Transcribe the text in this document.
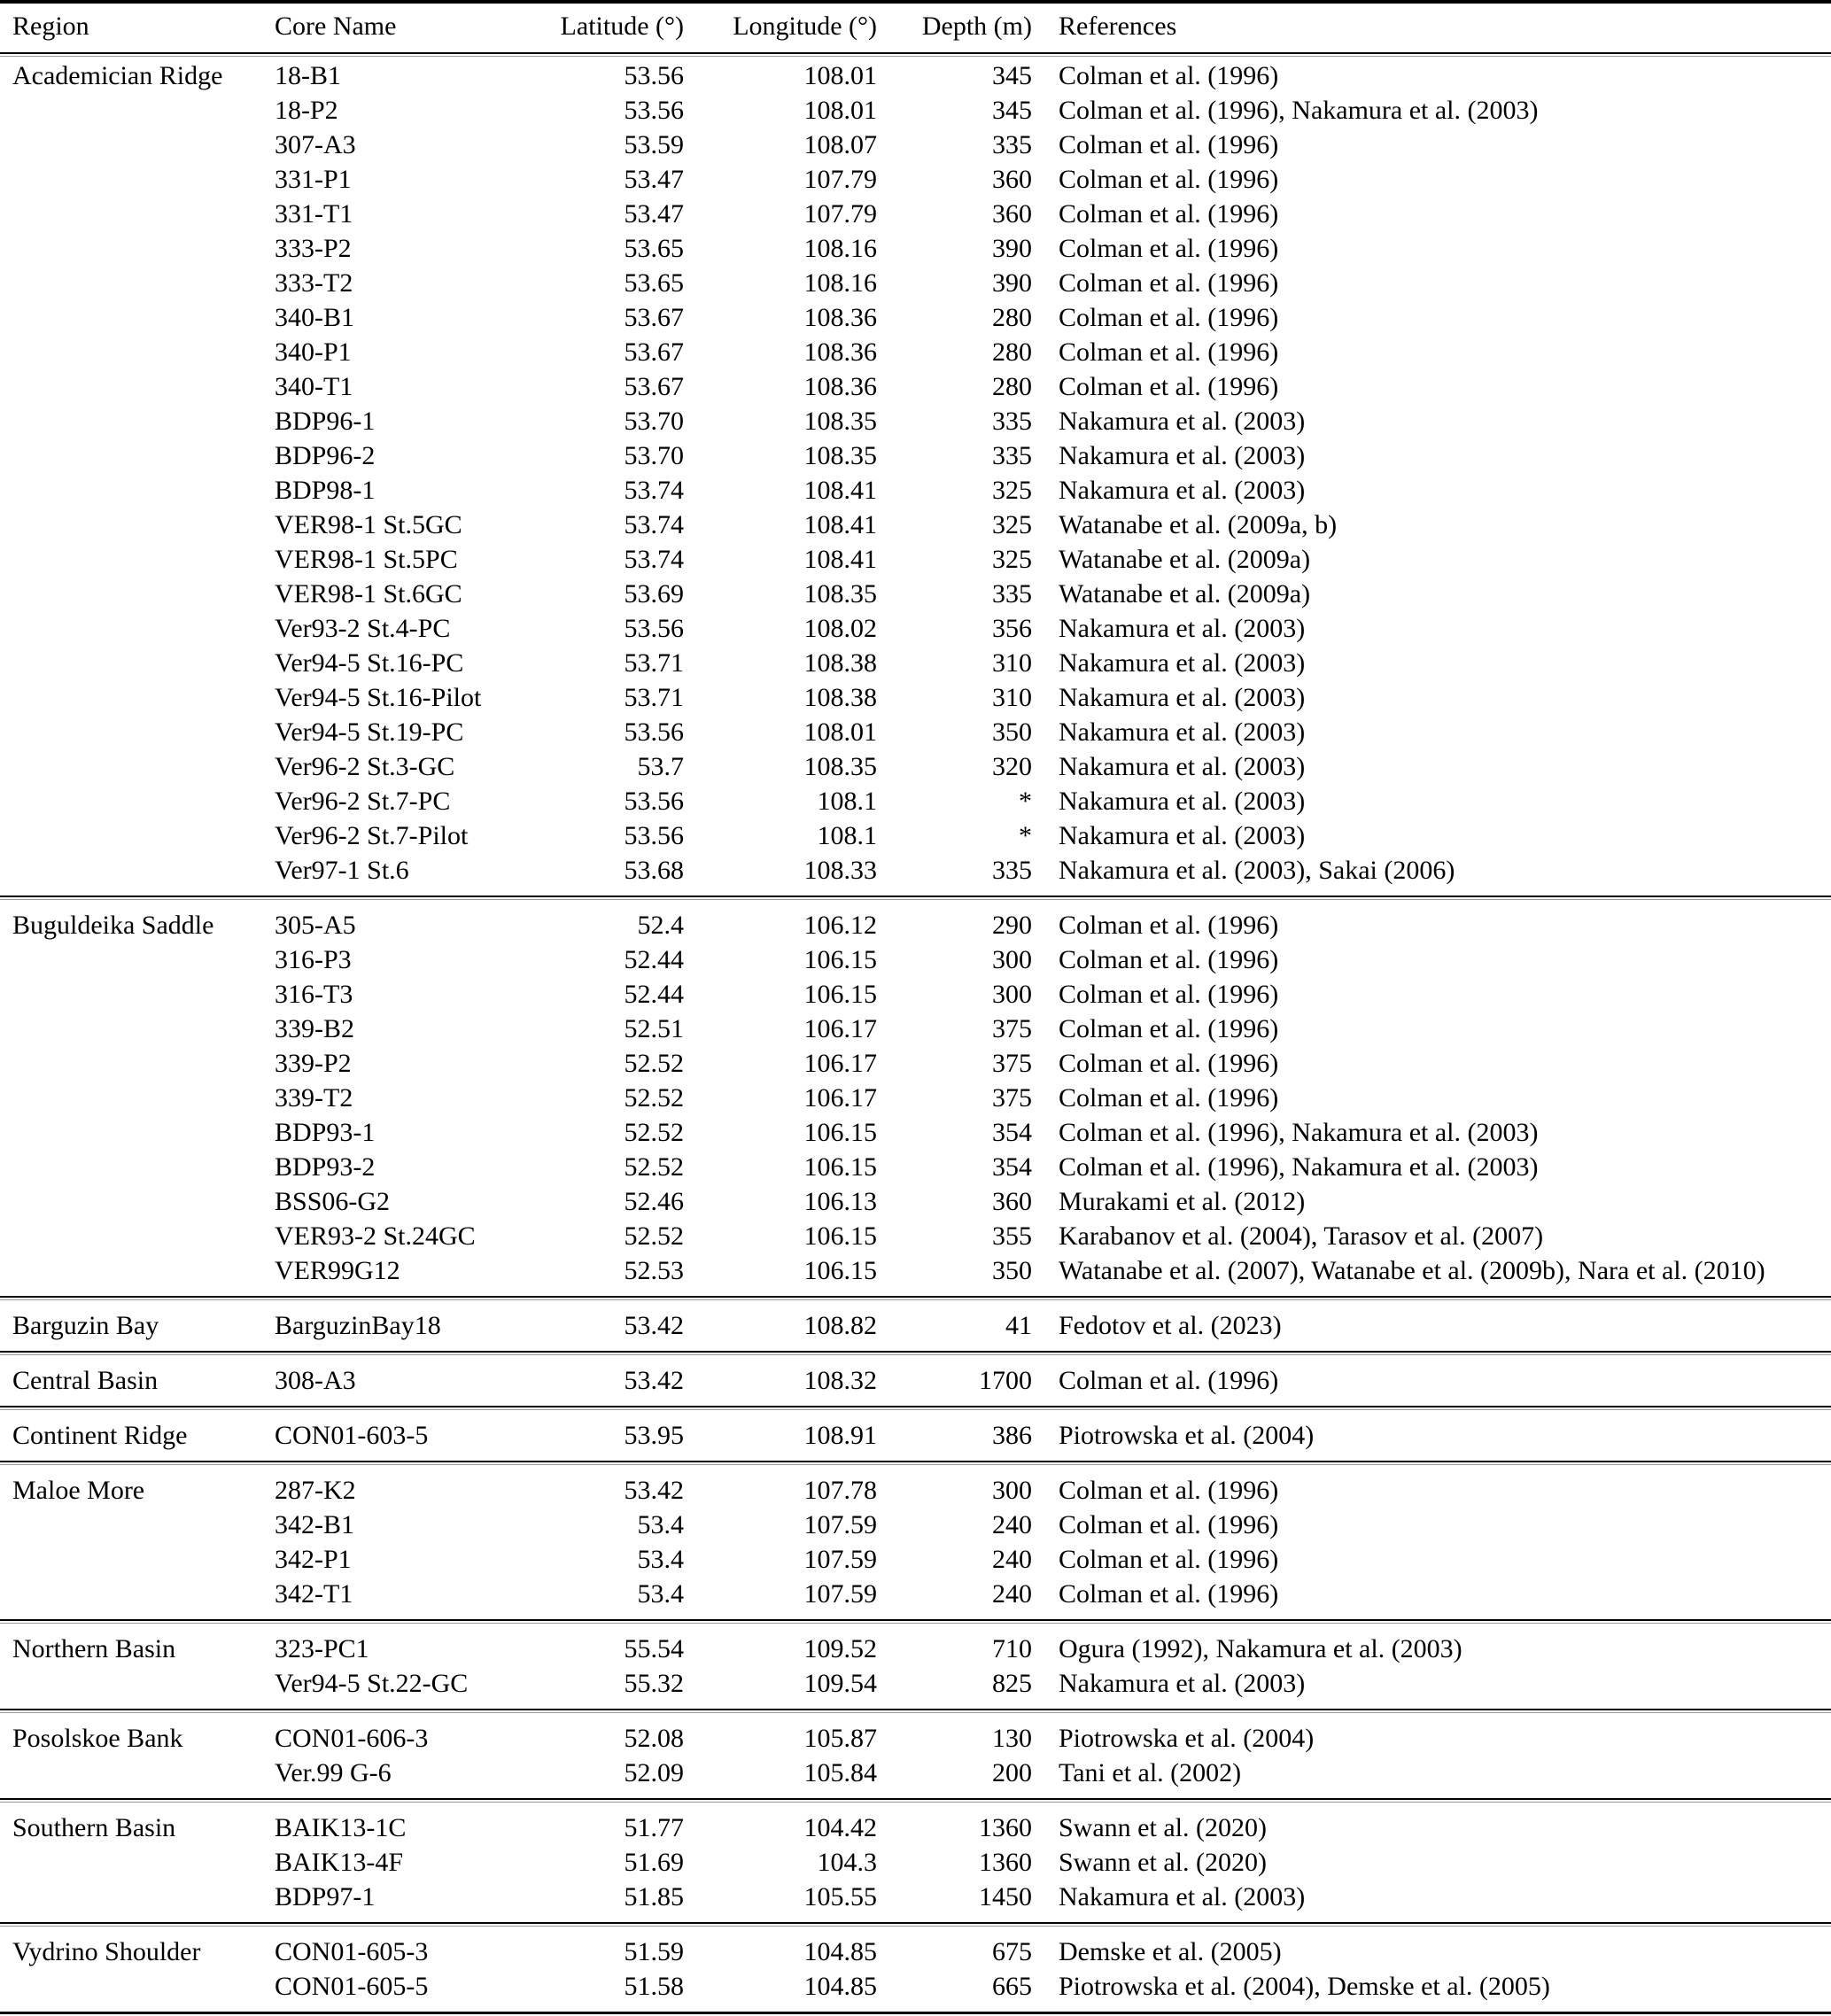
Region	Core Name	Latitude (°)	Longitude (°)	Depth (m)	References

Academician Ridge	18-B1	53.56	108.01	345	Colman et al. (1996)
	18-P2	53.56	108.01	345	Colman et al. (1996), Nakamura et al. (2003)
	307-A3	53.59	108.07	335	Colman et al. (1996)
	331-P1	53.47	107.79	360	Colman et al. (1996)
	331-T1	53.47	107.79	360	Colman et al. (1996)
	333-P2	53.65	108.16	390	Colman et al. (1996)
	333-T2	53.65	108.16	390	Colman et al. (1996)
	340-B1	53.67	108.36	280	Colman et al. (1996)
	340-P1	53.67	108.36	280	Colman et al. (1996)
	340-T1	53.67	108.36	280	Colman et al. (1996)
	BDP96-1	53.70	108.35	335	Nakamura et al. (2003)
	BDP96-2	53.70	108.35	335	Nakamura et al. (2003)
	BDP98-1	53.74	108.41	325	Nakamura et al. (2003)
	VER98-1 St.5GC	53.74	108.41	325	Watanabe et al. (2009a, b)
	VER98-1 St.5PC	53.74	108.41	325	Watanabe et al. (2009a)
	VER98-1 St.6GC	53.69	108.35	335	Watanabe et al. (2009a)
	Ver93-2 St.4-PC	53.56	108.02	356	Nakamura et al. (2003)
	Ver94-5 St.16-PC	53.71	108.38	310	Nakamura et al. (2003)
	Ver94-5 St.16-Pilot	53.71	108.38	310	Nakamura et al. (2003)
	Ver94-5 St.19-PC	53.56	108.01	350	Nakamura et al. (2003)
	Ver96-2 St.3-GC	53.7	108.35	320	Nakamura et al. (2003)
	Ver96-2 St.7-PC	53.56	108.1	*	Nakamura et al. (2003)
	Ver96-2 St.7-Pilot	53.56	108.1	*	Nakamura et al. (2003)
	Ver97-1 St.6	53.68	108.33	335	Nakamura et al. (2003), Sakai (2006)

Buguldeika Saddle	305-A5	52.4	106.12	290	Colman et al. (1996)
	316-P3	52.44	106.15	300	Colman et al. (1996)
	316-T3	52.44	106.15	300	Colman et al. (1996)
	339-B2	52.51	106.17	375	Colman et al. (1996)
	339-P2	52.52	106.17	375	Colman et al. (1996)
	339-T2	52.52	106.17	375	Colman et al. (1996)
	BDP93-1	52.52	106.15	354	Colman et al. (1996), Nakamura et al. (2003)
	BDP93-2	52.52	106.15	354	Colman et al. (1996), Nakamura et al. (2003)
	BSS06-G2	52.46	106.13	360	Murakami et al. (2012)
	VER93-2 St.24GC	52.52	106.15	355	Karabanov et al. (2004), Tarasov et al. (2007)
	VER99G12	52.53	106.15	350	Watanabe et al. (2007), Watanabe et al. (2009b), Nara et al. (2010)

Barguzin Bay	BarguzinBay18	53.42	108.82	41	Fedotov et al. (2023)

Central Basin	308-A3	53.42	108.32	1700	Colman et al. (1996)

Continent Ridge	CON01-603-5	53.95	108.91	386	Piotrowska et al. (2004)

Maloe More	287-K2	53.42	107.78	300	Colman et al. (1996)
	342-B1	53.4	107.59	240	Colman et al. (1996)
	342-P1	53.4	107.59	240	Colman et al. (1996)
	342-T1	53.4	107.59	240	Colman et al. (1996)

Northern Basin	323-PC1	55.54	109.52	710	Ogura (1992), Nakamura et al. (2003)
	Ver94-5 St.22-GC	55.32	109.54	825	Nakamura et al. (2003)

Posolskoe Bank	CON01-606-3	52.08	105.87	130	Piotrowska et al. (2004)
	Ver.99 G-6	52.09	105.84	200	Tani et al. (2002)

Southern Basin	BAIK13-1C	51.77	104.42	1360	Swann et al. (2020)
	BAIK13-4F	51.69	104.3	1360	Swann et al. (2020)
	BDP97-1	51.85	105.55	1450	Nakamura et al. (2003)

Vydrino Shoulder	CON01-605-3	51.59	104.85	675	Demske et al. (2005)
	CON01-605-5	51.58	104.85	665	Piotrowska et al. (2004), Demske et al. (2005)
